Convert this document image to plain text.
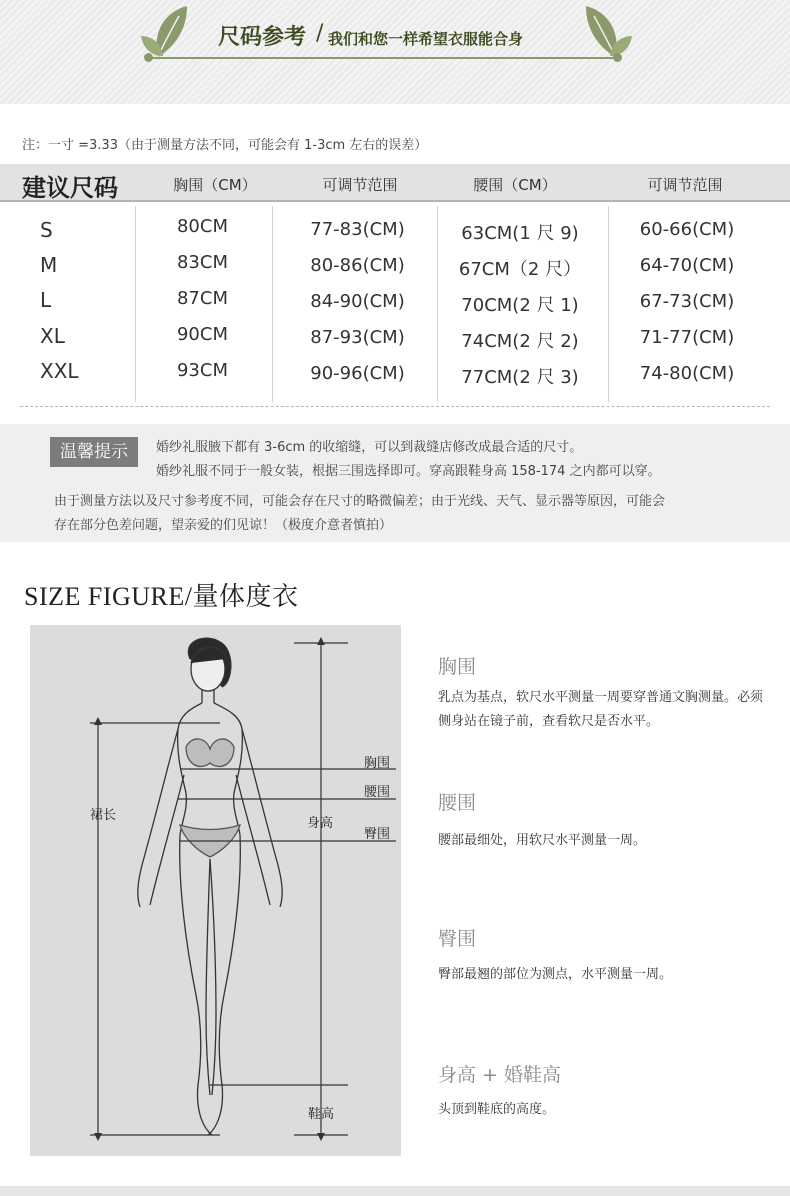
尺码参考 / 我们和您一样希望衣服能合身
注：一寸 =3.33（由于测量方法不同，可能会有 1-3cm 左右的误差）
建议尺码	胸围（CM）	可调节范围	腰围（CM）	可调节范围
S	80CM	77-83(CM)	63CM(1 尺 9)	60-66(CM)
M	83CM	80-86(CM)	67CM（2 尺）	64-70(CM)
L	87CM	84-90(CM)	70CM(2 尺 1)	67-73(CM)
XL	90CM	87-93(CM)	74CM(2 尺 2)	71-77(CM)
XXL	93CM	90-96(CM)	77CM(2 尺 3)	74-80(CM)
温馨提示	婚纱礼服腋下都有 3-6cm 的收缩缝，可以到裁缝店修改成最合适的尺寸。
婚纱礼服不同于一般女装，根据三围选择即可。穿高跟鞋身高 158-174 之内都可以穿。
由于测量方法以及尺寸参考度不同，可能会存在尺寸的略微偏差；由于光线、天气、显示器等原因，可能会
存在部分色差问题，望亲爱的们见谅！（极度介意者慎拍）
SIZE FIGURE/量体度衣
胸围
腰围
臀围
身高
裙长
鞋高
胸围
乳点为基点，软尺水平测量一周要穿普通文胸测量。必须侧身站在镜子前，查看软尺是否水平。
腰围
腰部最细处，用软尺水平测量一周。
臀围
臀部最翘的部位为测点，水平测量一周。
身高 + 婚鞋高
头顶到鞋底的高度。
